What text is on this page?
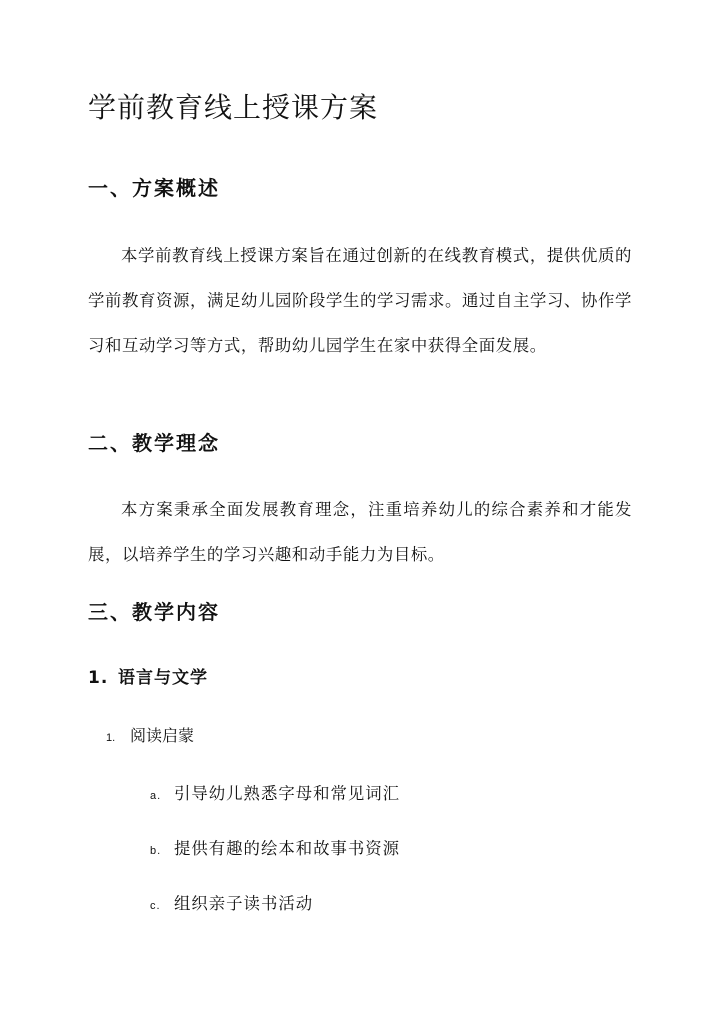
学前教育线上授课方案
一、方案概述

本学前教育线上授课方案旨在通过创新的在线教育模式，提供优质的学前教育资源，满足幼儿园阶段学生的学习需求。通过自主学习、协作学习和互动学习等方式，帮助幼儿园学生在家中获得全面发展。

二、教学理念

本方案秉承全面发展教育理念，注重培养幼儿的综合素养和才能发展，以培养学生的学习兴趣和动手能力为目标。

三、教学内容
1. 语言与文学
1. 阅读启蒙
a. 引导幼儿熟悉字母和常见词汇
b. 提供有趣的绘本和故事书资源
c. 组织亲子读书活动
